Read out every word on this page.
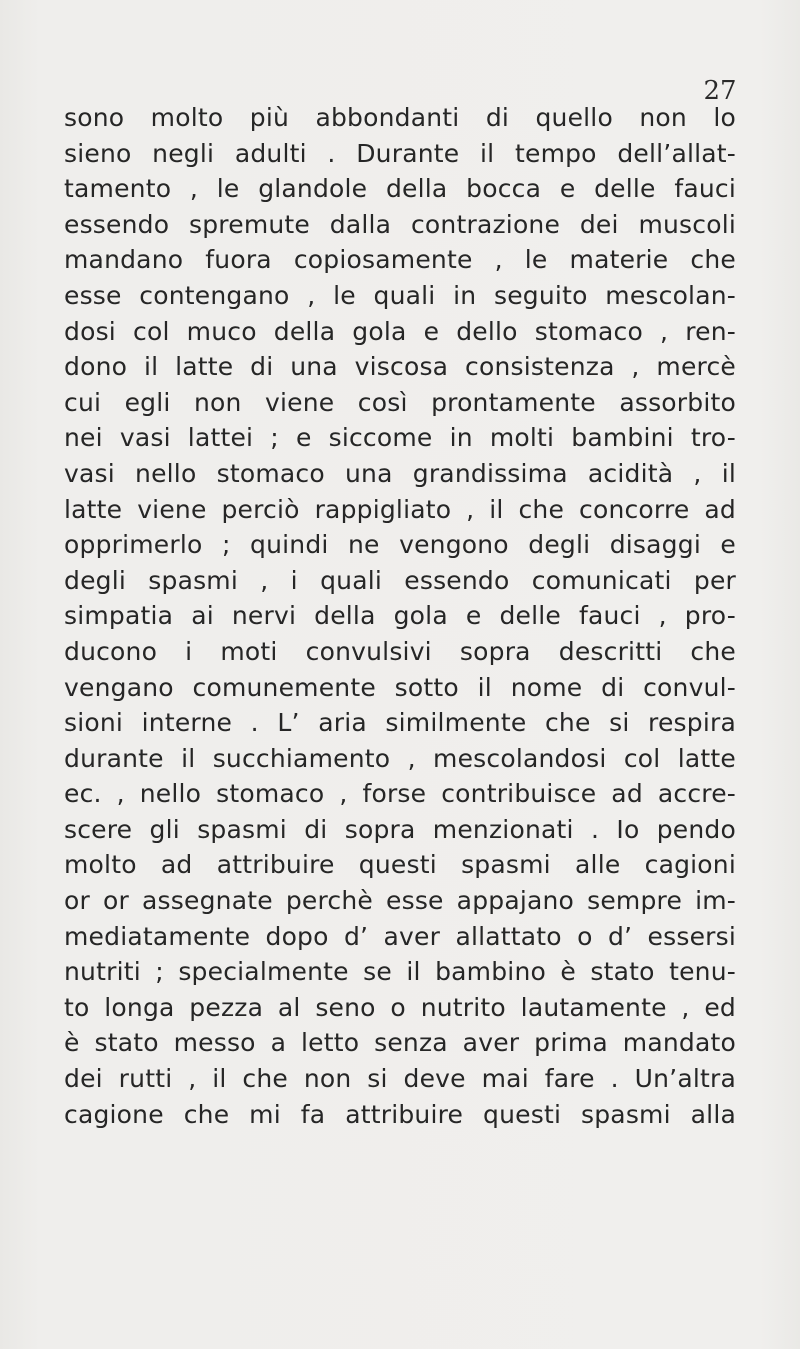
27

sono molto più abbondanti di quello non lo
sieno negli adulti . Durante il tempo dell’allat-
tamento , le glandole della bocca e delle fauci
essendo spremute dalla contrazione dei muscoli
mandano fuora copiosamente , le materie che
esse contengano , le quali in seguito mescolan-
dosi col muco della gola e dello stomaco , ren-
dono il latte di una viscosa consistenza , mercè
cui egli non viene così prontamente assorbito
nei vasi lattei ; e siccome in molti bambini tro-
vasi nello stomaco una grandissima acidità , il
latte viene perciò rappigliato , il che concorre ad
opprimerlo ; quindi ne vengono degli disaggi e
degli spasmi , i quali essendo comunicati per
simpatia ai nervi della gola e delle fauci , pro-
ducono i moti convulsivi sopra descritti che
vengano comunemente sotto il nome di convul-
sioni interne . L’ aria similmente che si respira
durante il succhiamento , mescolandosi col latte
ec. , nello stomaco , forse contribuisce ad accre-
scere gli spasmi di sopra menzionati . Io pendo
molto ad attribuire questi spasmi alle cagioni
or or assegnate perchè esse appajano sempre im-
mediatamente dopo d’ aver allattato o d’ essersi
nutriti ; specialmente se il bambino è stato tenu-
to longa pezza al seno o nutrito lautamente , ed
è stato messo a letto senza aver prima mandato
dei rutti , il che non si deve mai fare . Un’altra
cagione che mi fa attribuire questi spasmi alla
